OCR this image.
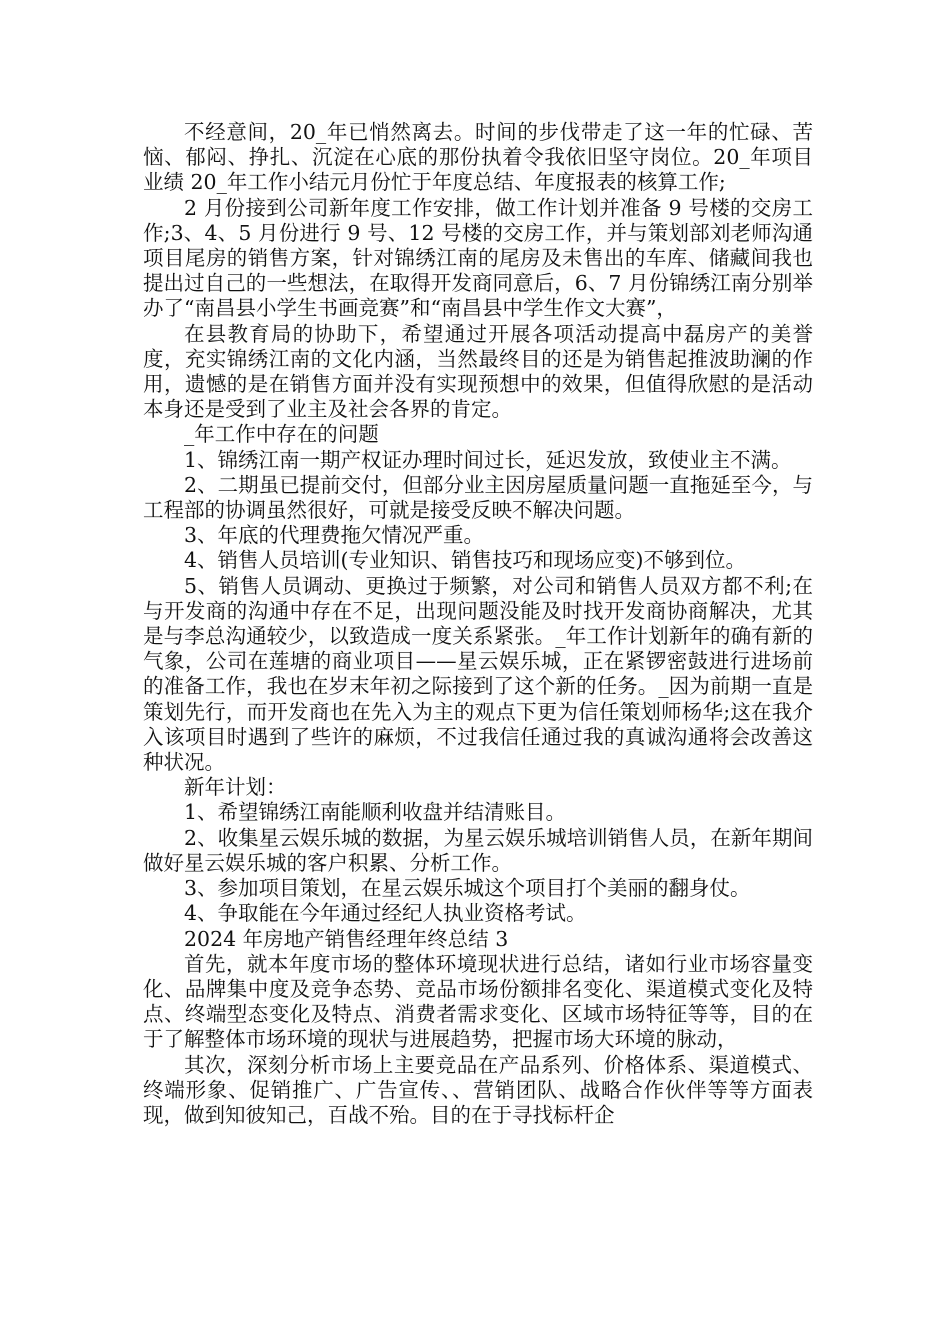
不经意间，20_年已悄然离去。时间的步伐带走了这一年的忙碌、苦恼、郁闷、挣扎、沉淀在心底的那份执着令我依旧坚守岗位。20_年项目业绩 20_年工作小结元月份忙于年度总结、年度报表的核算工作;

2 月份接到公司新年度工作安排，做工作计划并准备 9 号楼的交房工作;3、4、5 月份进行 9 号、12 号楼的交房工作，并与策划部刘老师沟通项目尾房的销售方案，针对锦绣江南的尾房及未售出的车库、储藏间我也提出过自己的一些想法，在取得开发商同意后，6、7 月份锦绣江南分别举办了“南昌县小学生书画竞赛”和“南昌县中学生作文大赛”，

在县教育局的协助下，希望通过开展各项活动提高中磊房产的美誉度，充实锦绣江南的文化内涵，当然最终目的还是为销售起推波助澜的作用，遗憾的是在销售方面并没有实现预想中的效果，但值得欣慰的是活动本身还是受到了业主及社会各界的肯定。

_年工作中存在的问题

1、锦绣江南一期产权证办理时间过长，延迟发放，致使业主不满。

2、二期虽已提前交付，但部分业主因房屋质量问题一直拖延至今，与工程部的协调虽然很好，可就是接受反映不解决问题。

3、年底的代理费拖欠情况严重。

4、销售人员培训(专业知识、销售技巧和现场应变)不够到位。

5、销售人员调动、更换过于频繁，对公司和销售人员双方都不利;在与开发商的沟通中存在不足，出现问题没能及时找开发商协商解决，尤其是与李总沟通较少，以致造成一度关系紧张。_年工作计划新年的确有新的气象，公司在莲塘的商业项目——星云娱乐城，正在紧锣密鼓进行进场前的准备工作，我也在岁末年初之际接到了这个新的任务。_因为前期一直是策划先行，而开发商也在先入为主的观点下更为信任策划师杨华;这在我介入该项目时遇到了些许的麻烦，不过我信任通过我的真诚沟通将会改善这种状况。

新年计划：

1、希望锦绣江南能顺利收盘并结清账目。

2、收集星云娱乐城的数据，为星云娱乐城培训销售人员，在新年期间做好星云娱乐城的客户积累、分析工作。

3、参加项目策划，在星云娱乐城这个项目打个美丽的翻身仗。

4、争取能在今年通过经纪人执业资格考试。

2024 年房地产销售经理年终总结 3

首先，就本年度市场的整体环境现状进行总结，诸如行业市场容量变化、品牌集中度及竞争态势、竞品市场份额排名变化、渠道模式变化及特点、终端型态变化及特点、消费者需求变化、区域市场特征等等，目的在于了解整体市场环境的现状与进展趋势，把握市场大环境的脉动，

其次，深刻分析市场上主要竞品在产品系列、价格体系、渠道模式、终端形象、促销推广、广告宣传、、营销团队、战略合作伙伴等等方面表现，做到知彼知己，百战不殆。目的在于寻找标杆企
